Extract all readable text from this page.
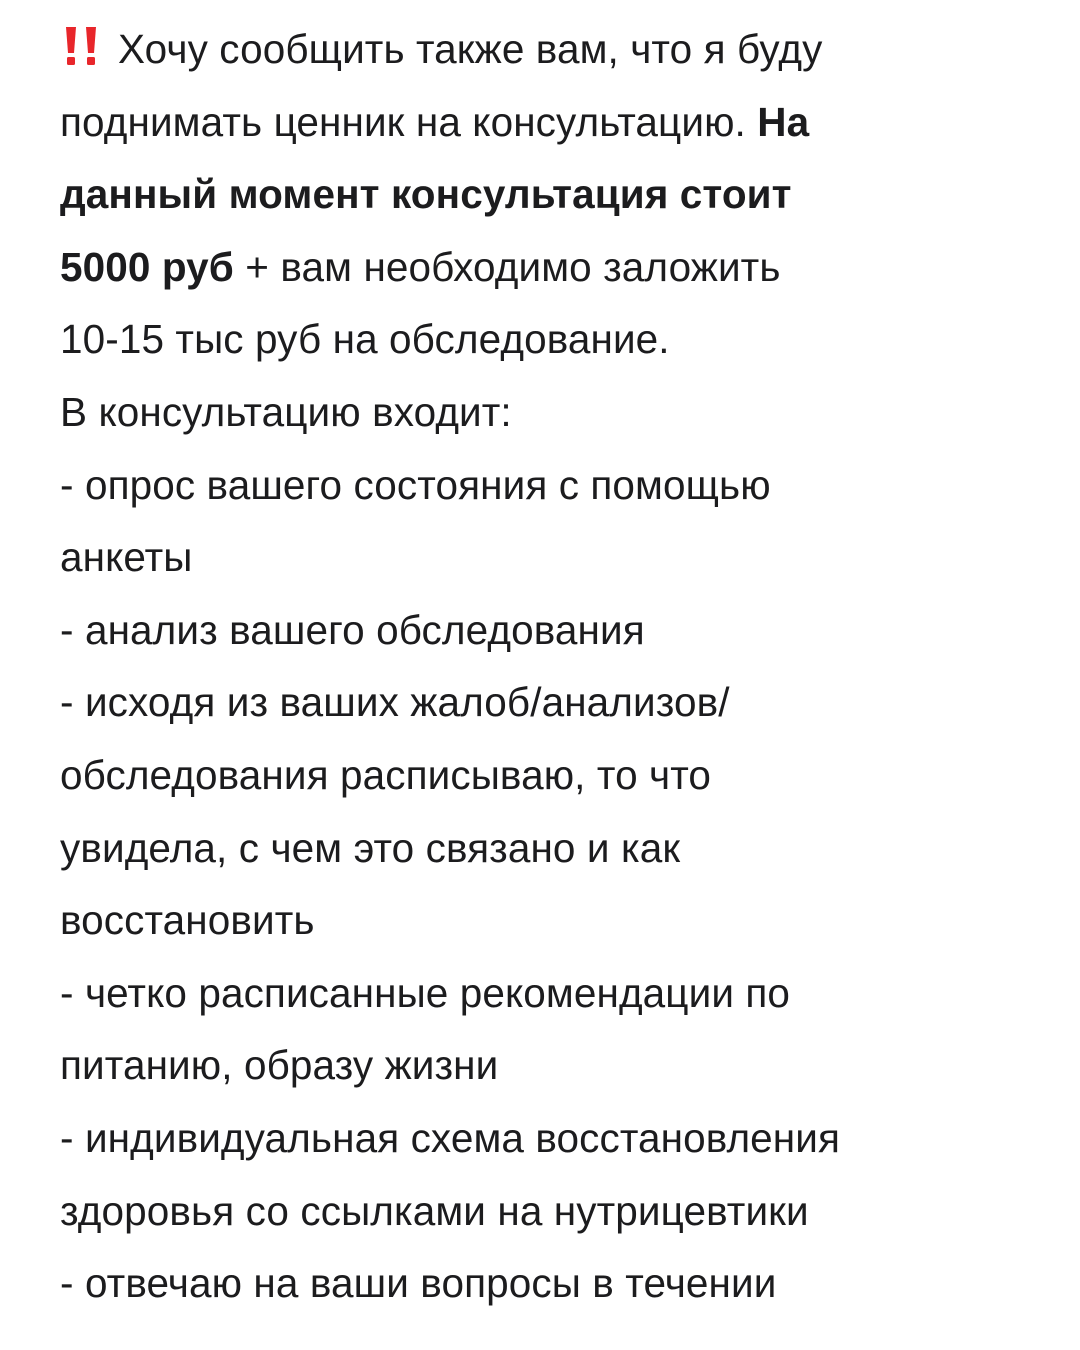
Хочу сообщить также вам, что я буду
поднимать ценник на консультацию. На
данный момент консультация стоит
5000 руб + вам необходимо заложить
10-15 тыс руб на обследование.
В консультацию входит:
- опрос вашего состояния с помощью
анкеты
- анализ вашего обследования
- исходя из ваших жалоб/анализов/
обследования расписываю, то что
увидела, с чем это связано и как
восстановить
- четко расписанные рекомендации по
питанию, образу жизни
- индивидуальная схема восстановления
здоровья со ссылками на нутрицевтики
- отвечаю на ваши вопросы в течении
